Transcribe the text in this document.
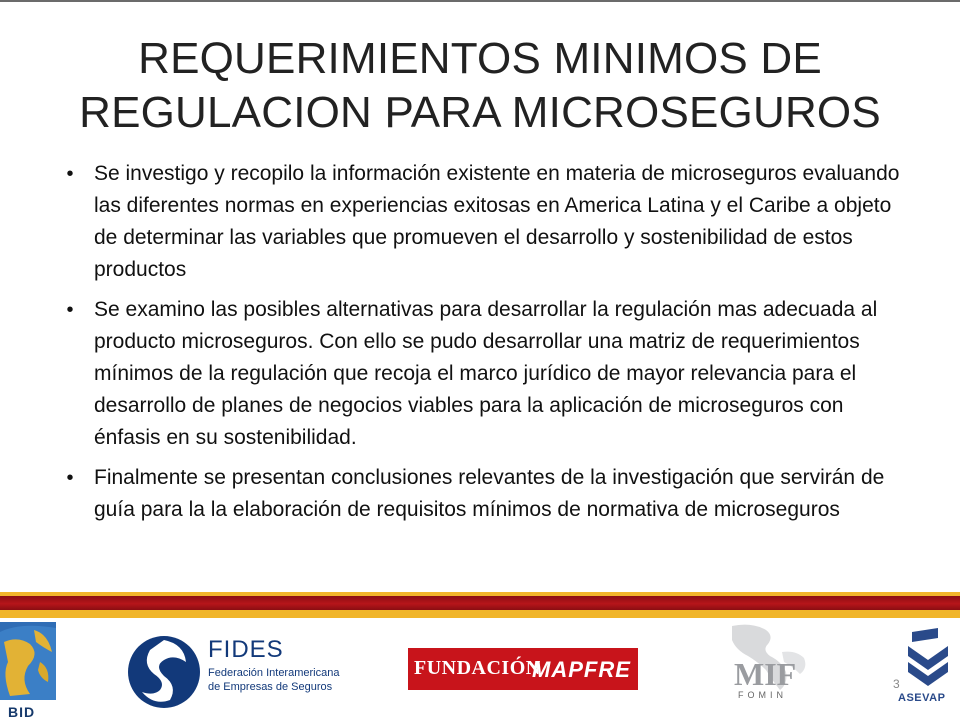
REQUERIMIENTOS MINIMOS DE
REGULACION PARA MICROSEGUROS
• Se investigo y recopilo la información existente en materia de microseguros evaluando las diferentes normas en experiencias exitosas en America Latina y el Caribe a objeto de determinar las variables que promueven el desarrollo y sostenibilidad de estos productos
• Se examino las posibles alternativas para desarrollar la regulación mas adecuada al producto microseguros. Con ello se pudo desarrollar una matriz de requerimientos mínimos de la regulación que recoja el marco jurídico de mayor relevancia para el desarrollo de planes de negocios viables para la aplicación de microseguros con énfasis en su sostenibilidad.
• Finalmente se presentan conclusiones relevantes de la investigación que servirán de guía para la la elaboración de requisitos mínimos de normativa de microseguros
BID
FIDES
Federación Interamericana
de Empresas de Seguros
FUNDACIÓN
MAPFRE	MIF
FOMIN	ASEVAP
3
